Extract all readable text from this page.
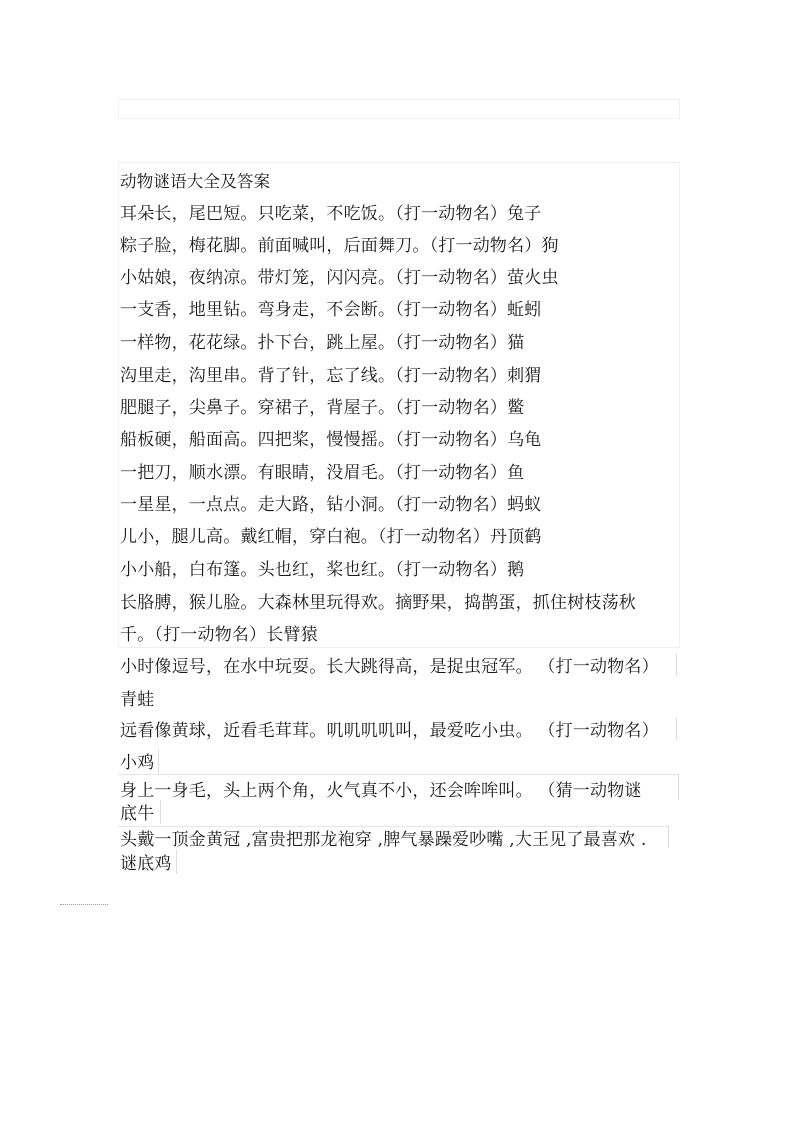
动物谜语大全及答案
耳朵长，尾巴短。只吃菜，不吃饭。（打一动物名）兔子
粽子脸，梅花脚。前面喊叫，后面舞刀。（打一动物名）狗
小姑娘，夜纳凉。带灯笼，闪闪亮。（打一动物名）萤火虫
一支香，地里钻。弯身走，不会断。（打一动物名）蚯蚓
一样物，花花绿。扑下台，跳上屋。（打一动物名）猫
沟里走，沟里串。背了针，忘了线。（打一动物名）刺猬
肥腿子，尖鼻子。穿裙子，背屋子。（打一动物名）鳖
船板硬，船面高。四把桨，慢慢摇。（打一动物名）乌龟
一把刀，顺水漂。有眼睛，没眉毛。（打一动物名）鱼
一星星，一点点。走大路，钻小洞。（打一动物名）蚂蚁
儿小，腿儿高。戴红帽，穿白袍。（打一动物名）丹顶鹤
小小船，白布篷。头也红，桨也红。（打一动物名）鹅
长胳膊，猴儿脸。大森林里玩得欢。摘野果，捣鹊蛋，抓住树枝荡秋
千。（打一动物名）长臂猿
小时像逗号，在水中玩耍。长大跳得高，是捉虫冠军。 （打一动物名）
青蛙
远看像黄球，近看毛茸茸。叽叽叽叽叫，最爱吃小虫。 （打一动物名）
小鸡
身上一身毛，头上两个角，火气真不小，还会哞哞叫。 （猜一动物谜
底牛
头戴一顶金黄冠 ,富贵把那龙袍穿 ,脾气暴躁爱吵嘴 ,大王见了最喜欢 .
谜底鸡
